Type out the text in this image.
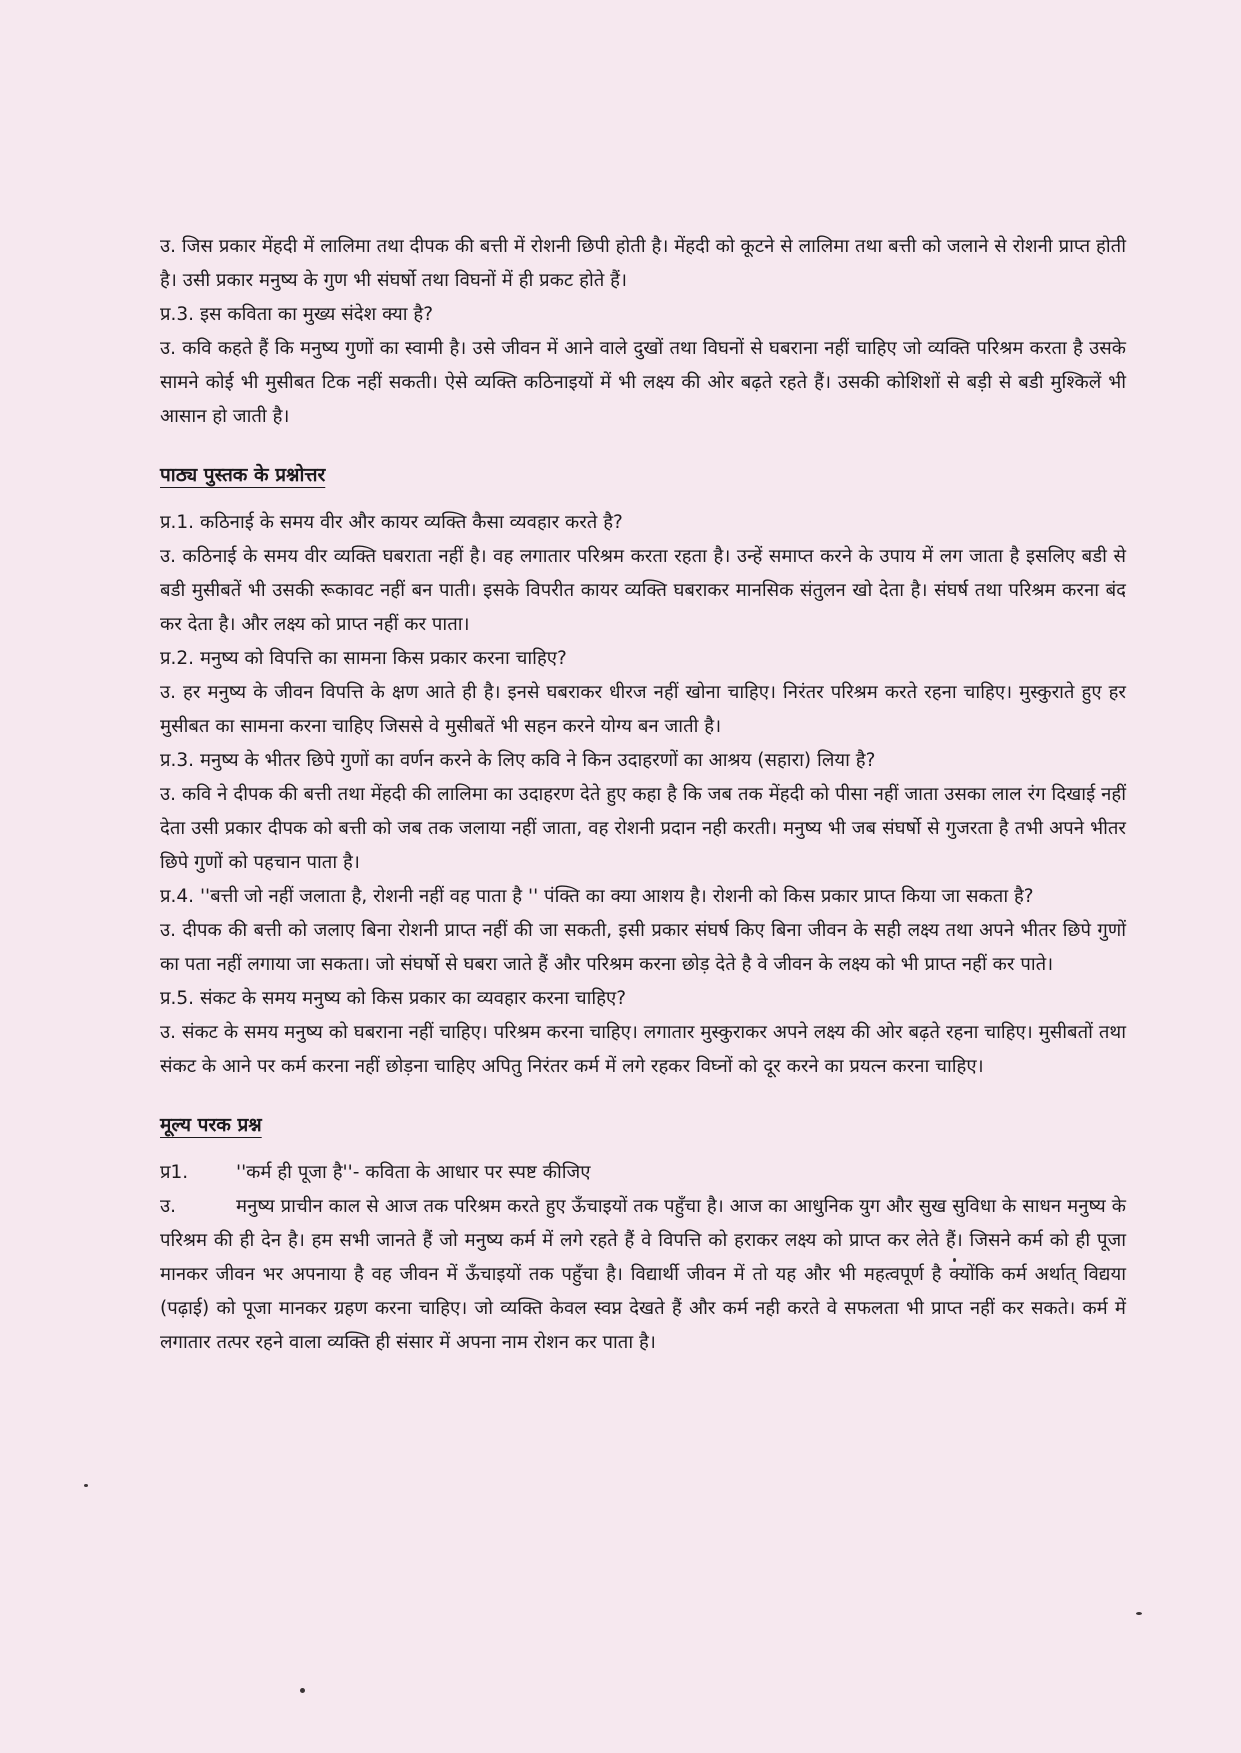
उ. जिस प्रकार मेंहदी में लालिमा तथा दीपक की बत्ती में रोशनी छिपी होती है। मेंहदी को कूटने से लालिमा तथा बत्ती को जलाने से रोशनी प्राप्त होती है। उसी प्रकार मनुष्य के गुण भी संघर्षो तथा विघनों में ही प्रकट होते हैं।

प्र.3. इस कविता का मुख्य संदेश क्या है?

उ. कवि कहते हैं कि मनुष्य गुणों का स्वामी है। उसे जीवन में आने वाले दुखों तथा विघनों से घबराना नहीं चाहिए जो व्यक्ति परिश्रम करता है उसके सामने कोई भी मुसीबत टिक नहीं सकती। ऐसे व्यक्ति कठिनाइयों में भी लक्ष्य की ओर बढ़ते रहते हैं। उसकी कोशिशों से बड़ी से बडी मुश्किलें भी आसान हो जाती है।

पाठ्य पुस्तक के प्रश्नोत्तर

प्र.1. कठिनाई के समय वीर और कायर व्यक्ति कैसा व्यवहार करते है?

उ. कठिनाई के समय वीर व्यक्ति घबराता नहीं है। वह लगातार परिश्रम करता रहता है। उन्हें समाप्त करने के उपाय में लग जाता है इसलिए बडी से बडी मुसीबतें भी उसकी रूकावट नहीं बन पाती। इसके विपरीत कायर व्यक्ति घबराकर मानसिक संतुलन खो देता है। संघर्ष तथा परिश्रम करना बंद कर देता है। और लक्ष्य को प्राप्त नहीं कर पाता।

प्र.2. मनुष्य को विपत्ति का सामना किस प्रकार करना चाहिए?

उ. हर मनुष्य के जीवन विपत्ति के क्षण आते ही है। इनसे घबराकर धीरज नहीं खोना चाहिए। निरंतर परिश्रम करते रहना चाहिए। मुस्कुराते हुए हर मुसीबत का सामना करना चाहिए जिससे वे मुसीबतें भी सहन करने योग्य बन जाती है।

प्र.3. मनुष्य के भीतर छिपे गुणों का वर्णन करने के लिए कवि ने किन उदाहरणों का आश्रय (सहारा) लिया है?

उ. कवि ने दीपक की बत्ती तथा मेंहदी की लालिमा का उदाहरण देते हुए कहा है कि जब तक मेंहदी को पीसा नहीं जाता उसका लाल रंग दिखाई नहीं देता उसी प्रकार दीपक को बत्ती को जब तक जलाया नहीं जाता, वह रोशनी प्रदान नही करती। मनुष्य भी जब संघर्षो से गुजरता है तभी अपने भीतर छिपे गुणों को पहचान पाता है।

प्र.4. ''बत्ती जो नहीं जलाता है, रोशनी नहीं वह पाता है '' पंक्ति का क्या आशय है। रोशनी को किस प्रकार प्राप्त किया जा सकता है?

उ. दीपक की बत्ती को जलाए बिना रोशनी प्राप्त नहीं की जा सकती, इसी प्रकार संघर्ष किए बिना जीवन के सही लक्ष्य तथा अपने भीतर छिपे गुणों का पता नहीं लगाया जा सकता। जो संघर्षो से घबरा जाते हैं और परिश्रम करना छोड़ देते है वे जीवन के लक्ष्य को भी प्राप्त नहीं कर पाते।

प्र.5. संकट के समय मनुष्य को किस प्रकार का व्यवहार करना चाहिए?

उ. संकट के समय मनुष्य को घबराना नहीं चाहिए। परिश्रम करना चाहिए। लगातार मुस्कुराकर अपने लक्ष्य की ओर बढ़ते रहना चाहिए। मुसीबतों तथा संकट के आने पर कर्म करना नहीं छोड़ना चाहिए अपितु निरंतर कर्म में लगे रहकर विघ्नों को दूर करने का प्रयत्न करना चाहिए।

मूल्य परक प्रश्न

प्र1.	''कर्म ही पूजा है''- कविता के आधार पर स्पष्ट कीजिए

उ.	मनुष्य प्राचीन काल से आज तक परिश्रम करते हुए ऊँचाइयों तक पहुँचा है। आज का आधुनिक युग और सुख सुविधा के साधन मनुष्य के परिश्रम की ही देन है। हम सभी जानते हैं जो मनुष्य कर्म में लगे रहते हैं वे विपत्ति को हराकर लक्ष्य को प्राप्त कर लेते हैं। जिसने कर्म को ही पूजा मानकर जीवन भर अपनाया है वह जीवन में ऊँचाइयों तक पहुँचा है। विद्यार्थी जीवन में तो यह और भी महत्वपूर्ण है क्योंकि कर्म अर्थात् विद्यया (पढ़ाई) को पूजा मानकर ग्रहण करना चाहिए। जो व्यक्ति केवल स्वप्न देखते हैं और कर्म नही करते वे सफलता भी प्राप्त नहीं कर सकते। कर्म में लगातार तत्पर रहने वाला व्यक्ति ही संसार में अपना नाम रोशन कर पाता है।
